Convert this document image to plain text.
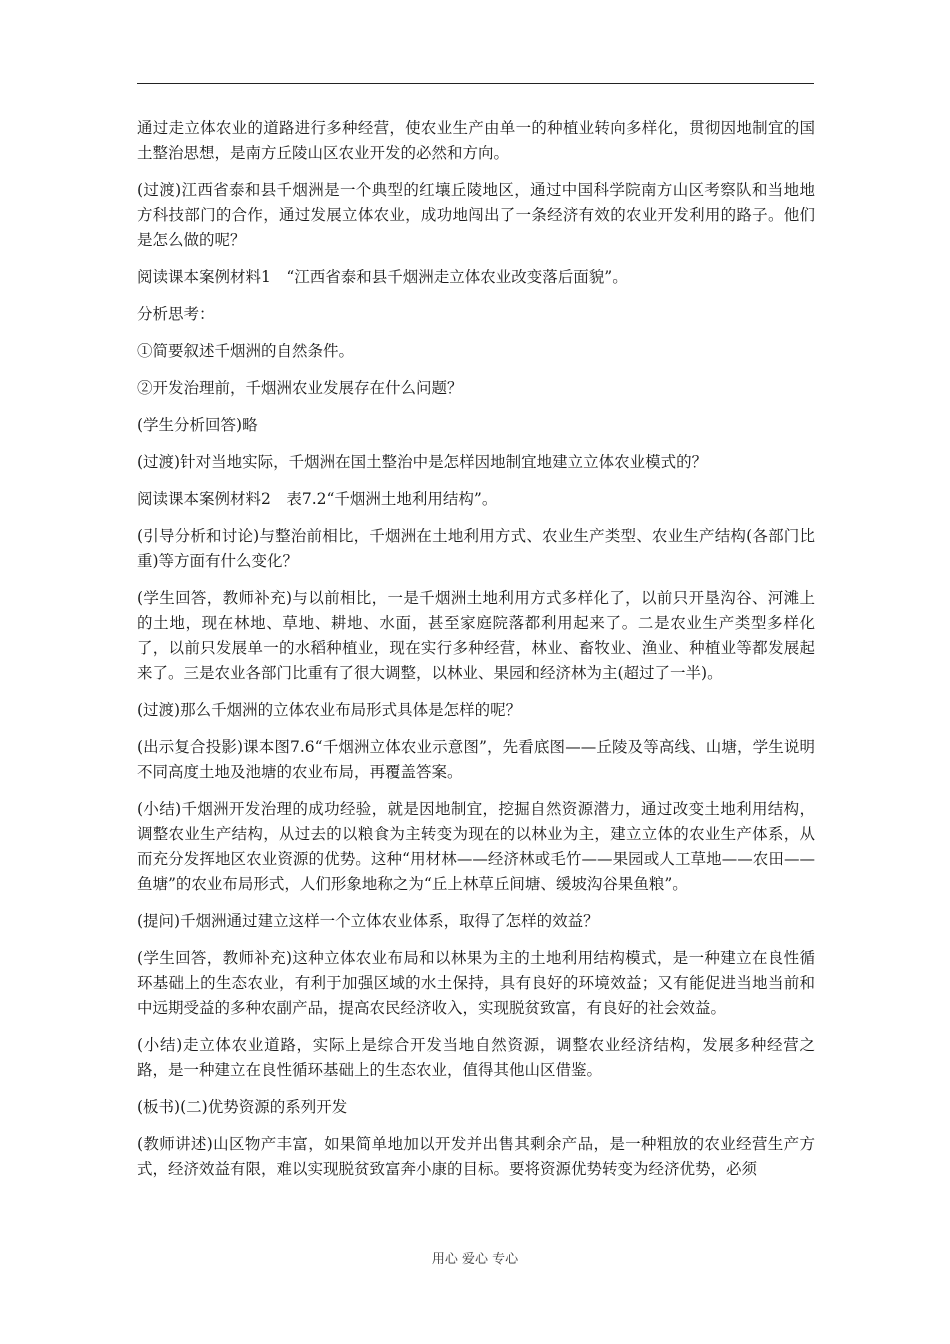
通过走立体农业的道路进行多种经营，使农业生产由单一的种植业转向多样化，贯彻因地制宜的国土整治思想，是南方丘陵山区农业开发的必然和方向。

(过渡)江西省泰和县千烟洲是一个典型的红壤丘陵地区，通过中国科学院南方山区考察队和当地地方科技部门的合作，通过发展立体农业，成功地闯出了一条经济有效的农业开发利用的路子。他们是怎么做的呢？

阅读课本案例材料1　“江西省泰和县千烟洲走立体农业改变落后面貌”。

分析思考：

①简要叙述千烟洲的自然条件。

②开发治理前，千烟洲农业发展存在什么问题？

(学生分析回答)略

(过渡)针对当地实际，千烟洲在国土整治中是怎样因地制宜地建立立体农业模式的？

阅读课本案例材料2　表7.2“千烟洲土地利用结构”。

(引导分析和讨论)与整治前相比，千烟洲在土地利用方式、农业生产类型、农业生产结构(各部门比重)等方面有什么变化？

(学生回答，教师补充)与以前相比，一是千烟洲土地利用方式多样化了，以前只开垦沟谷、河滩上的土地，现在林地、草地、耕地、水面，甚至家庭院落都利用起来了。二是农业生产类型多样化了，以前只发展单一的水稻种植业，现在实行多种经营，林业、畜牧业、渔业、种植业等都发展起来了。三是农业各部门比重有了很大调整，以林业、果园和经济林为主(超过了一半)。

(过渡)那么千烟洲的立体农业布局形式具体是怎样的呢？

(出示复合投影)课本图7.6“千烟洲立体农业示意图”，先看底图——丘陵及等高线、山塘，学生说明不同高度土地及池塘的农业布局，再覆盖答案。

(小结)千烟洲开发治理的成功经验，就是因地制宜，挖掘自然资源潜力，通过改变土地利用结构，调整农业生产结构，从过去的以粮食为主转变为现在的以林业为主，建立立体的农业生产体系，从而充分发挥地区农业资源的优势。这种“用材林——经济林或毛竹——果园或人工草地——农田——鱼塘”的农业布局形式，人们形象地称之为“丘上林草丘间塘、缓坡沟谷果鱼粮”。

(提问)千烟洲通过建立这样一个立体农业体系，取得了怎样的效益？

(学生回答，教师补充)这种立体农业布局和以林果为主的土地利用结构模式，是一种建立在良性循环基础上的生态农业，有利于加强区域的水土保持，具有良好的环境效益；又有能促进当地当前和中远期受益的多种农副产品，提高农民经济收入，实现脱贫致富，有良好的社会效益。

(小结)走立体农业道路，实际上是综合开发当地自然资源，调整农业经济结构，发展多种经营之路，是一种建立在良性循环基础上的生态农业，值得其他山区借鉴。

(板书)(二)优势资源的系列开发

(教师讲述)山区物产丰富，如果简单地加以开发并出售其剩余产品，是一种粗放的农业经营生产方式，经济效益有限，难以实现脱贫致富奔小康的目标。要将资源优势转变为经济优势，必须

用心 爱心 专心
